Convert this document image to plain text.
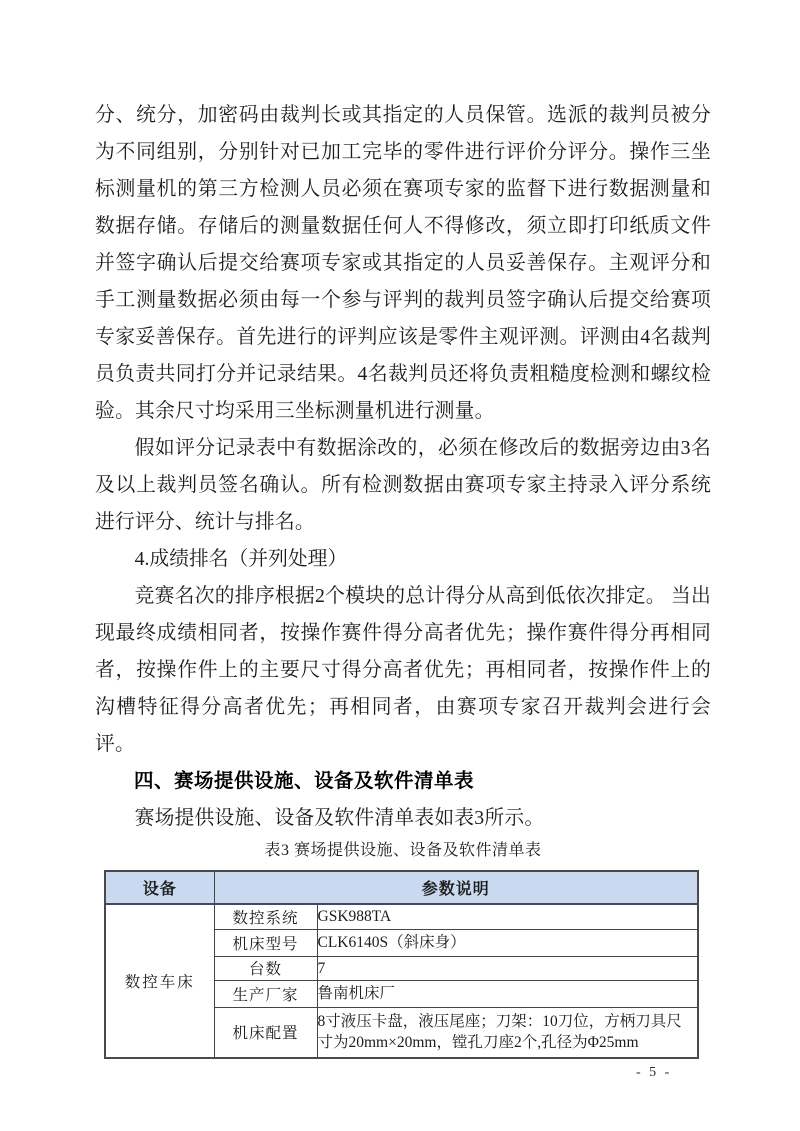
分、统分，加密码由裁判长或其指定的人员保管。选派的裁判员被分为不同组别，分别针对已加工完毕的零件进行评价分评分。操作三坐标测量机的第三方检测人员必须在赛项专家的监督下进行数据测量和数据存储。存储后的测量数据任何人不得修改，须立即打印纸质文件并签字确认后提交给赛项专家或其指定的人员妥善保存。主观评分和手工测量数据必须由每一个参与评判的裁判员签字确认后提交给赛项专家妥善保存。首先进行的评判应该是零件主观评测。评测由4名裁判员负责共同打分并记录结果。4名裁判员还将负责粗糙度检测和螺纹检验。其余尺寸均采用三坐标测量机进行测量。

假如评分记录表中有数据涂改的，必须在修改后的数据旁边由3名及以上裁判员签名确认。所有检测数据由赛项专家主持录入评分系统进行评分、统计与排名。

4.成绩排名（并列处理）

竞赛名次的排序根据2个模块的总计得分从高到低依次排定。 当出现最终成绩相同者，按操作赛件得分高者优先；操作赛件得分再相同者，按操作件上的主要尺寸得分高者优先；再相同者，按操作件上的沟槽特征得分高者优先；再相同者，由赛项专家召开裁判会进行会评。

四、赛场提供设施、设备及软件清单表

赛场提供设施、设备及软件清单表如表3所示。

表3 赛场提供设施、设备及软件清单表

设备	参数说明	
数控车床	数控系统	GSK988TA
	机床型号	CLK6140S（斜床身）
	台数	7
	生产厂家	鲁南机床厂
	机床配置	8寸液压卡盘，液压尾座；刀架：10刀位，方柄刀具尺寸为20mm×20mm，镗孔刀座2个,孔径为Φ25mm
- 5 -
